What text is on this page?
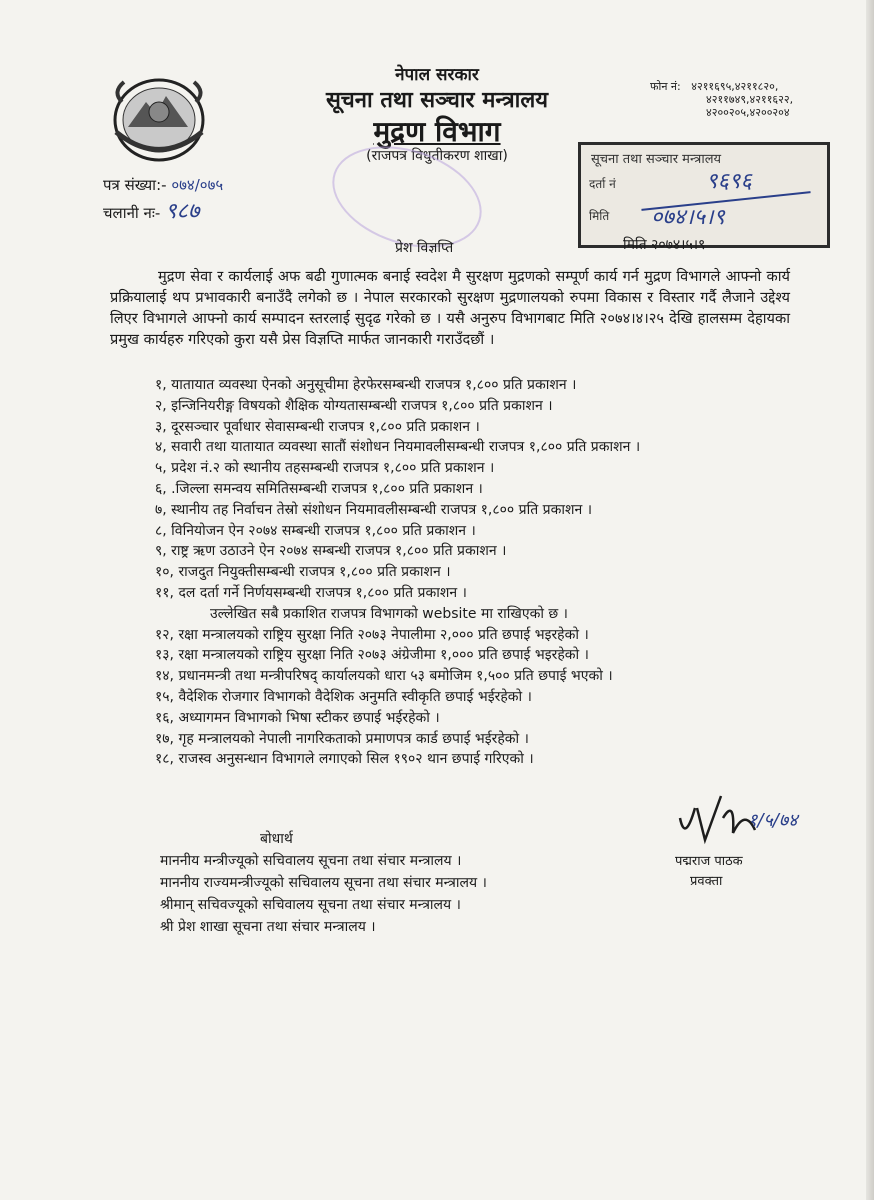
नेपाल सरकार
सूचना तथा सञ्चार मन्त्रालय
मुद्रण विभाग
(राजपत्र विधुतीकरण शाखा)
फोन नं: ४२११६९५,४२११८२०,
४२११७४९,४२११६२२,
४२००२०५,४२००२०४
पत्र संख्या:- ०७४/०७५
चलानी नः- ९८७
सूचना तथा सञ्चार मन्त्रालय
दर्ता नं	९६९६
मिति ०७४।५।९
प्रेश विज्ञप्ति	मिति २०७४।५।९
मुद्रण सेवा र कार्यलाई अफ बढी गुणात्मक बनाई स्वदेश मै सुरक्षण मुद्रणको सम्पूर्ण कार्य गर्न मुद्रण विभागले आफ्नो कार्य प्रक्रियालाई थप प्रभावकारी बनाउँदै लगेको छ । नेपाल सरकारको सुरक्षण मुद्रणालयको रुपमा विकास र विस्तार गर्दै लैजाने उद्देश्य लिएर विभागले आफ्नो कार्य सम्पादन स्तरलाई सुदृढ गरेको छ । यसै अनुरुप विभागबाट मिति २०७४।४।२५ देखि हालसम्म देहायका प्रमुख कार्यहरु गरिएको कुरा यसै प्रेस विज्ञप्ति मार्फत जानकारी गराउँदछौं ।
१, यातायात व्यवस्था ऐनको अनुसूचीमा हेरफेरसम्बन्धी राजपत्र १,८०० प्रति प्रकाशन ।
२, इन्जिनियरीङ्ग विषयको शैक्षिक योग्यतासम्बन्धी राजपत्र १,८०० प्रति प्रकाशन ।
३, दूरसञ्चार पूर्वाधार सेवासम्बन्धी राजपत्र १,८०० प्रति प्रकाशन ।
४, सवारी तथा यातायात व्यवस्था सातौं संशोधन नियमावलीसम्बन्धी राजपत्र १,८०० प्रति प्रकाशन ।
५, प्रदेश नं.२ को स्थानीय तहसम्बन्धी राजपत्र १,८०० प्रति प्रकाशन ।
६, .जिल्ला समन्वय समितिसम्बन्धी राजपत्र १,८०० प्रति प्रकाशन ।
७, स्थानीय तह निर्वाचन तेस्रो संशोधन नियमावलीसम्बन्धी राजपत्र १,८०० प्रति प्रकाशन ।
८, विनियोजन ऐन २०७४ सम्बन्धी राजपत्र १,८०० प्रति प्रकाशन ।
९, राष्ट्र ऋण उठाउने ऐन २०७४ सम्बन्धी राजपत्र १,८०० प्रति प्रकाशन ।
१०, राजदुत नियुक्तीसम्बन्धी राजपत्र १,८०० प्रति प्रकाशन ।
११, दल दर्ता गर्ने निर्णयसम्बन्धी राजपत्र १,८०० प्रति प्रकाशन ।
उल्लेखित सबै प्रकाशित राजपत्र विभागको website मा राखिएको छ ।
१२, रक्षा मन्त्रालयको राष्ट्रिय सुरक्षा निति २०७३ नेपालीमा २,००० प्रति छपाई भइरहेको ।
१३, रक्षा मन्त्रालयको राष्ट्रिय सुरक्षा निति २०७३ अंग्रेजीमा १,००० प्रति छपाई भइरहेको ।
१४, प्रधानमन्त्री तथा मन्त्रीपरिषद् कार्यालयको धारा ५३ बमोजिम १,५०० प्रति छपाई भएको ।
१५, वैदेशिक रोजगार विभागको वैदेशिक अनुमति स्वीकृति छपाई भईरहेको ।
१६, अध्यागमन विभागको भिषा स्टीकर छपाई भईरहेको ।
१७, गृह मन्त्रालयको नेपाली नागरिकताको प्रमाणपत्र कार्ड छपाई भईरहेको ।
१८, राजस्व अनुसन्धान विभागले लगाएको सिल १९०२ थान छपाई गरिएको ।
१/५/७४
पद्मराज पाठक
प्रवक्ता
बोधार्थ
माननीय मन्त्रीज्यूको सचिवालय सूचना तथा संचार मन्त्रालय ।
माननीय राज्यमन्त्रीज्यूको सचिवालय सूचना तथा संचार मन्त्रालय ।
श्रीमान् सचिवज्यूको सचिवालय सूचना तथा संचार मन्त्रालय ।
श्री प्रेश शाखा सूचना तथा संचार मन्त्रालय ।
